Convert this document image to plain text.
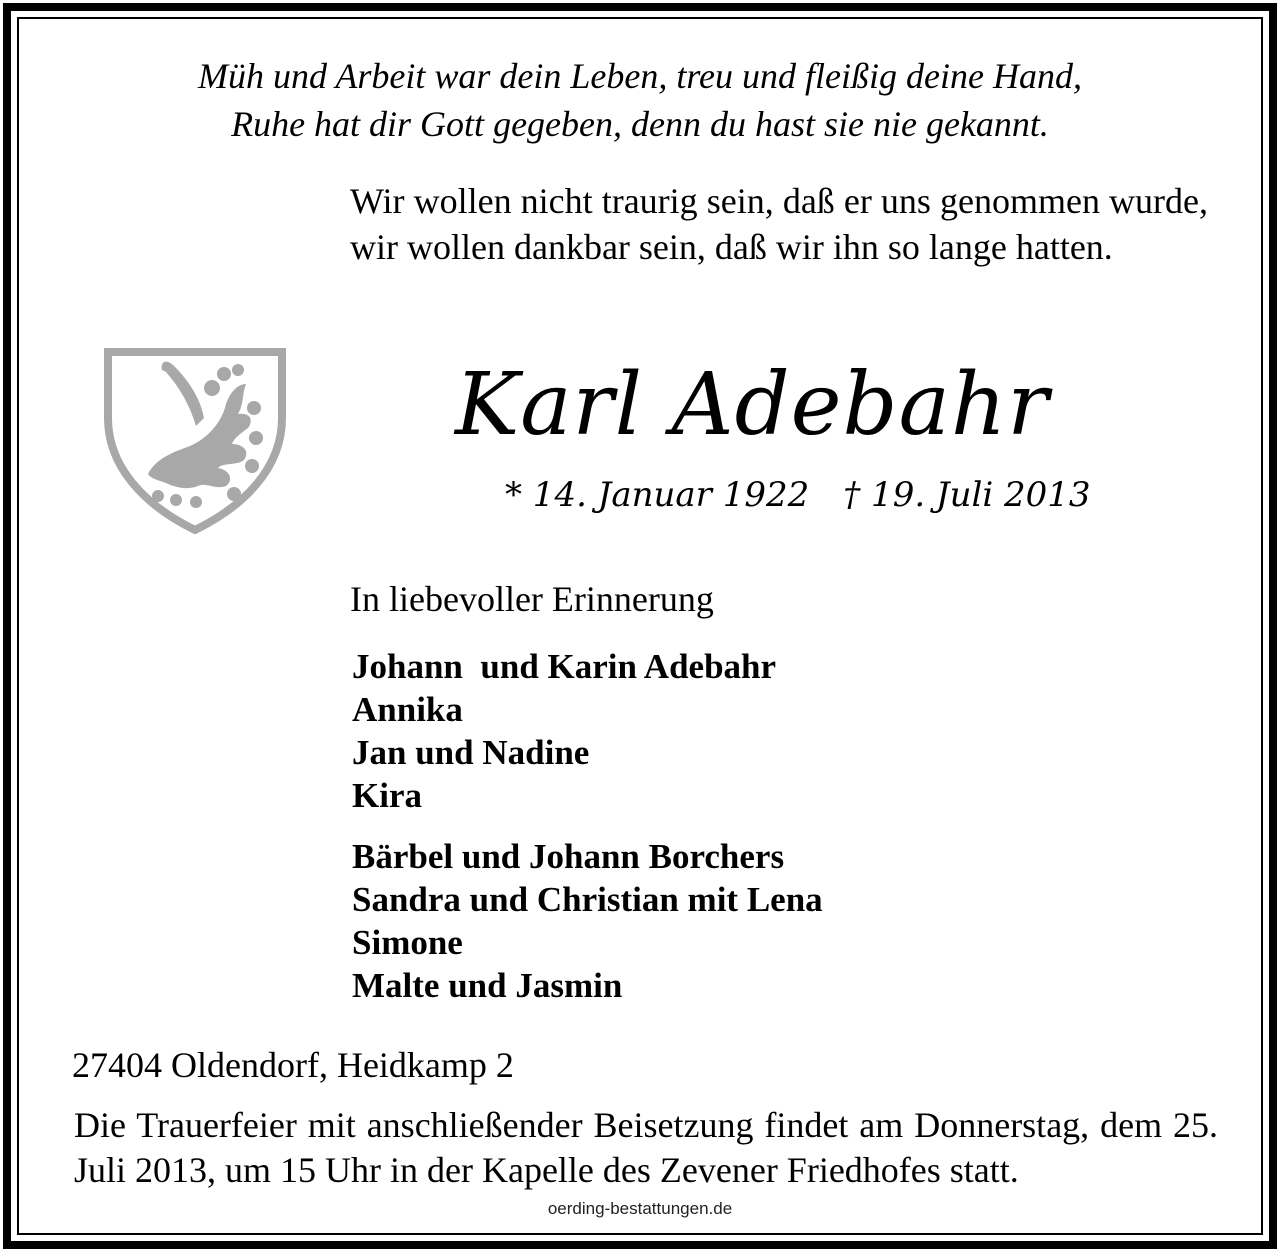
Müh und Arbeit war dein Leben, treu und fleißig deine Hand,
Ruhe hat dir Gott gegeben, denn du hast sie nie gekannt.

Wir wollen nicht traurig sein, daß er uns genommen wurde, wir wollen dankbar sein, daß wir ihn so lange hatten.

Karl Adebahr
* 14. Januar 1922 † 19. Juli 2013
In liebevoller Erinnerung
Johann  und Karin Adebahr
Annika
Jan und Nadine
Kira
Bärbel und Johann Borchers
Sandra und Christian mit Lena
Simone
Malte und Jasmin
27404 Oldendorf, Heidkamp 2
Die Trauerfeier mit anschließender Beisetzung findet am Donnerstag, dem 25. Juli 2013, um 15 Uhr in der Kapelle des Zevener Friedhofes statt.
oerding-bestattungen.de
